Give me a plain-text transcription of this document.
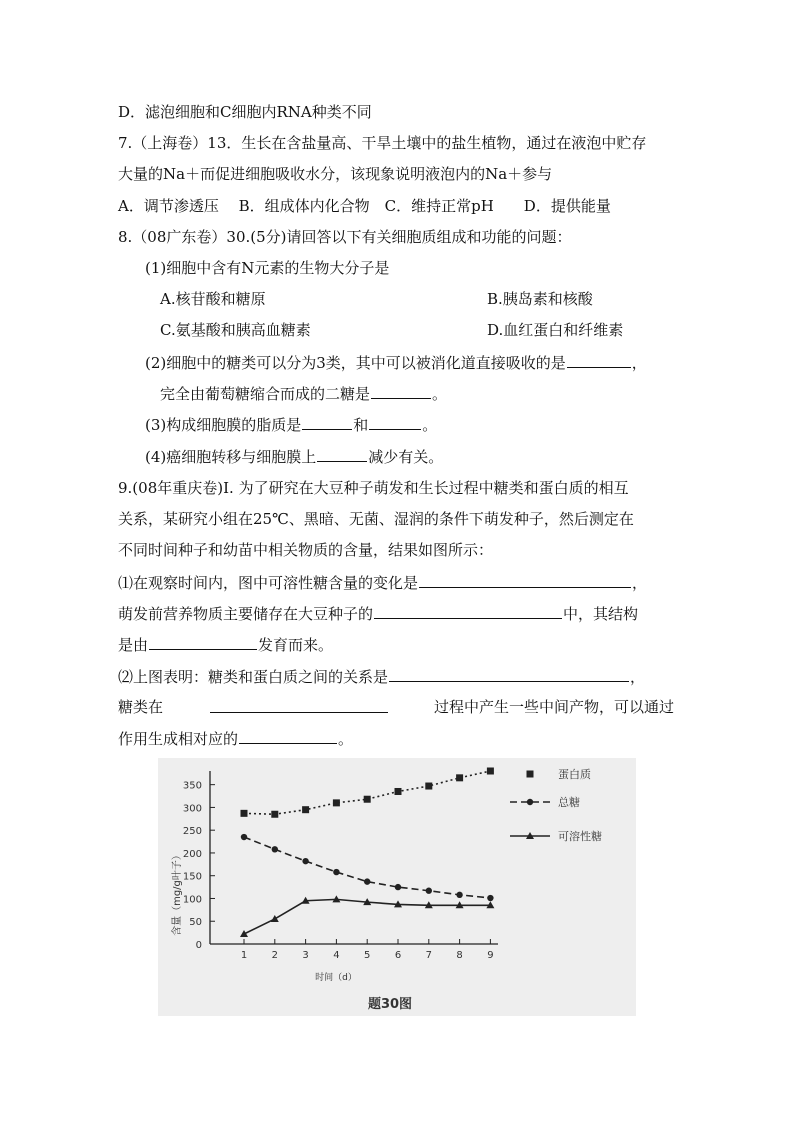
D．滤泡细胞和C细胞内RNA种类不同
7.（上海卷）13．生长在含盐量高、干旱土壤中的盐生植物，通过在液泡中贮存
大量的Na＋而促进细胞吸收水分，该现象说明液泡内的Na＋参与
A．调节渗透压　 B．组成体内化合物　C．维持正常pH　　D．提供能量
8.（08广东卷）30.(5分)请回答以下有关细胞质组成和功能的问题：
(1)细胞中含有N元素的生物大分子是
A.核苷酸和糖原	B.胰岛素和核酸
C.氨基酸和胰高血糖素	D.血红蛋白和纤维素
(2)细胞中的糖类可以分为3类，其中可以被消化道直接吸收的是	，
完全由葡萄糖缩合而成的二糖是	。
(3)构成细胞膜的脂质是	和	。
(4)癌细胞转移与细胞膜上	减少有关。
9.(08年重庆卷)Ⅰ. 为了研究在大豆种子萌发和生长过程中糖类和蛋白质的相互
关系，某研究小组在25℃、黑暗、无菌、湿润的条件下萌发种子，然后测定在
不同时间种子和幼苗中相关物质的含量，结果如图所示：
⑴在观察时间内，图中可溶性糖含量的变化是	，
萌发前营养物质主要储存在大豆种子的	中，其结构
是由	发育而来。
⑵上图表明：糖类和蛋白质之间的关系是	，
糖类在	过程中产生一些中间产物，可以通过
作用生成相对应的	。
0
50
100
150
200
250
300
350
1 2 3 4 5 6 7 8 9
蛋白质
总糖
可溶性糖
含量（mg/g叶子）
时间（d）
题30图
